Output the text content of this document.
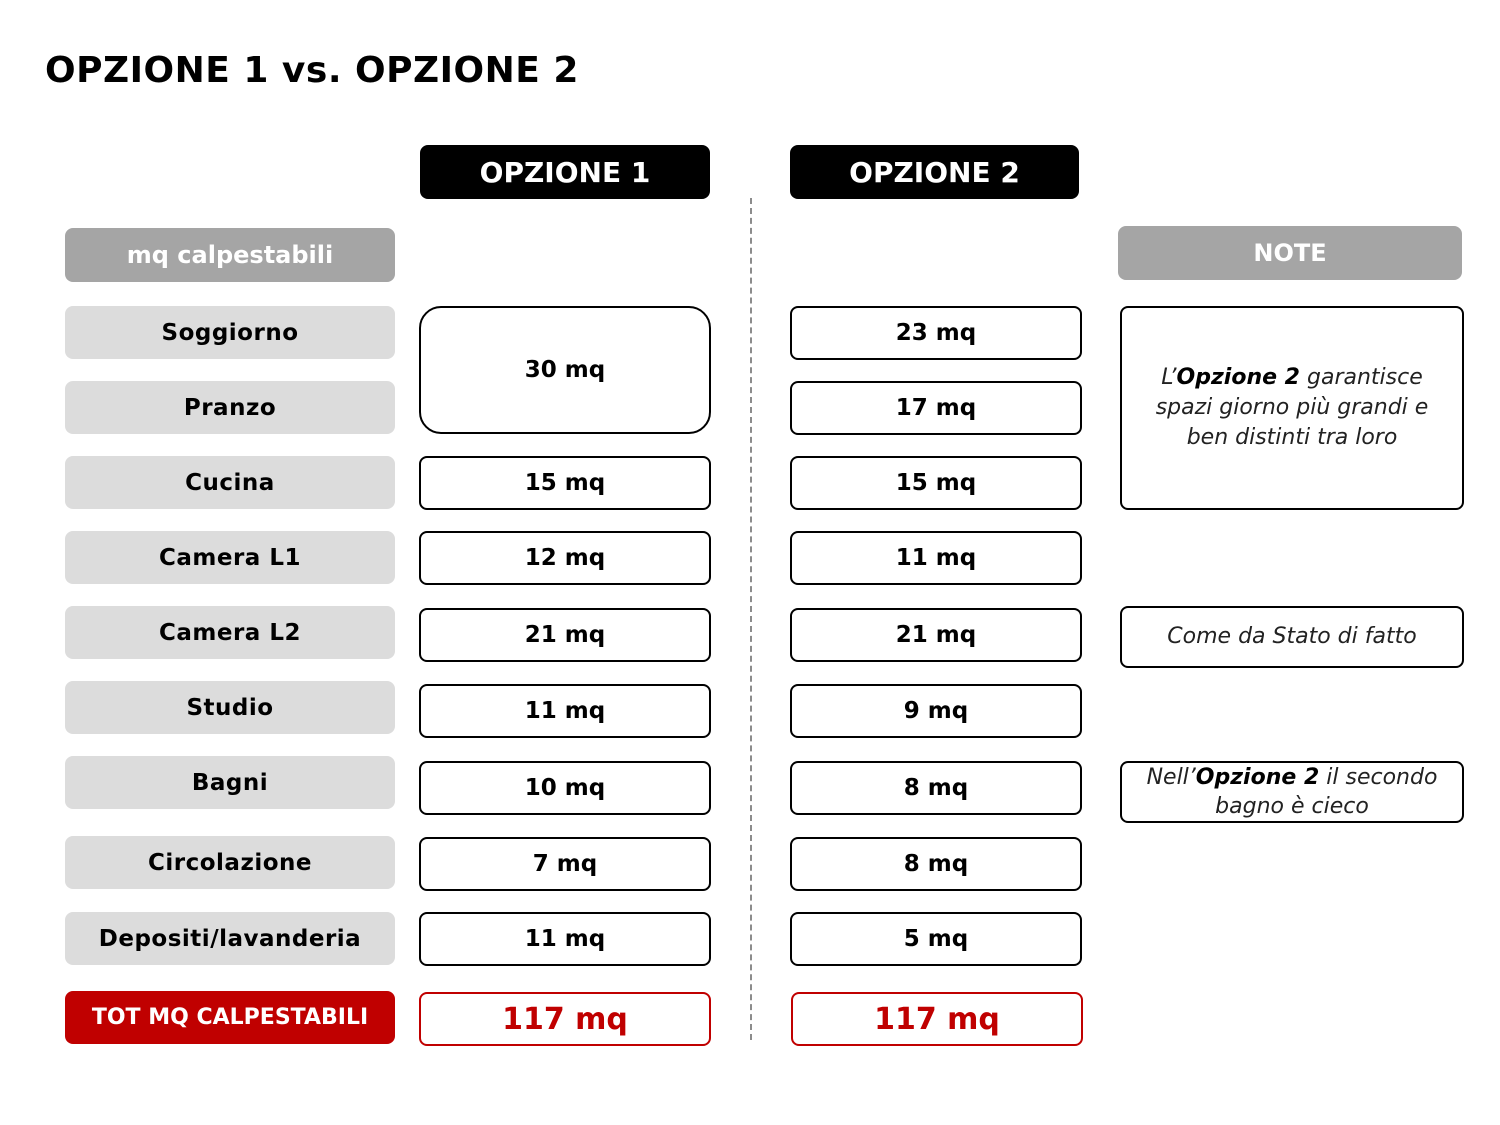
OPZIONE 1 vs. OPZIONE 2
OPZIONE 1	OPZIONE 2
mq calpestabili	NOTE
Soggiorno
Pranzo
Cucina
Camera L1
Camera L2
Studio
Bagni
Circolazione
Depositi/lavanderia
TOT MQ CALPESTABILI
30 mq
15 mq
12 mq
21 mq
11 mq
10 mq
7 mq
11 mq
117 mq
23 mq
17 mq
15 mq
11 mq
21 mq
9 mq
8 mq
8 mq
5 mq
117 mq
L’Opzione 2 garantisce spazi giorno più grandi e ben distinti tra loro
Come da Stato di fatto
Nell’Opzione 2 il secondo bagno è cieco
